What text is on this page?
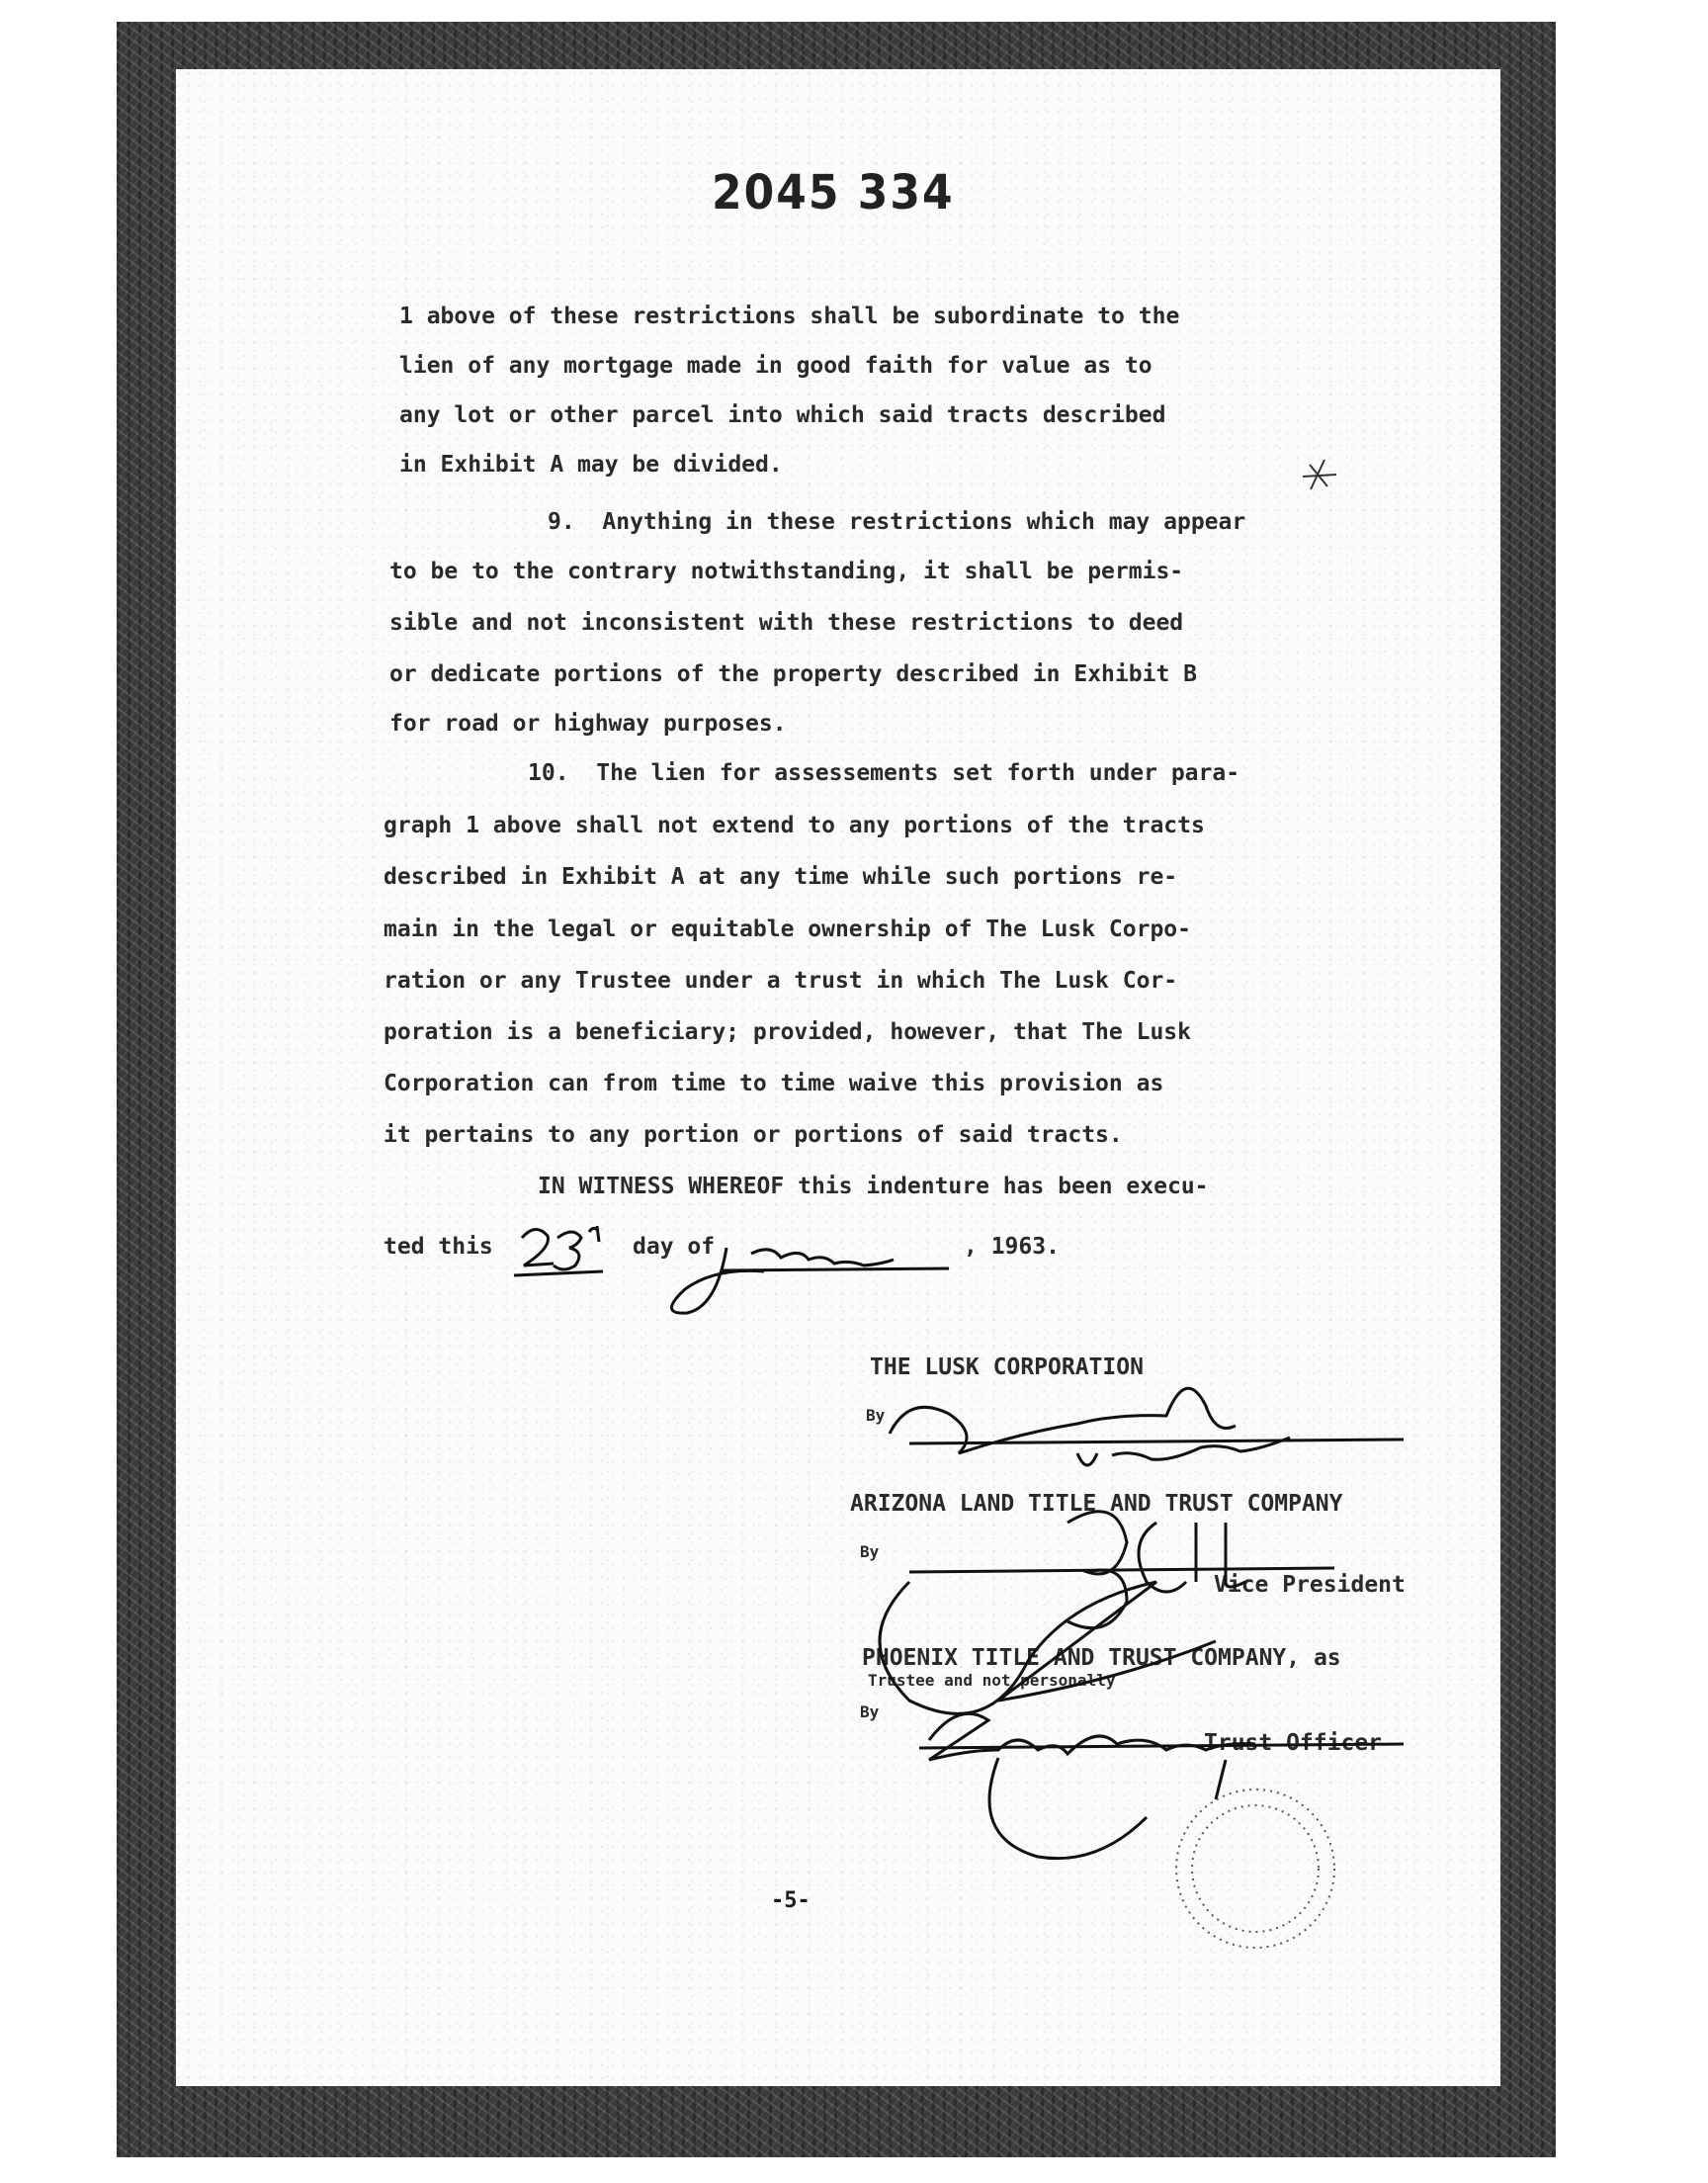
2045 334
1 above of these restrictions shall be subordinate to the
lien of any mortgage made in good faith for value as to
any lot or other parcel into which said tracts described
in Exhibit A may be divided.
9.  Anything in these restrictions which may appear
to be to the contrary notwithstanding, it shall be permis-
sible and not inconsistent with these restrictions to deed
or dedicate portions of the property described in Exhibit B
for road or highway purposes.
10.  The lien for assessements set forth under para-
graph 1 above shall not extend to any portions of the tracts
described in Exhibit A at any time while such portions re-
main in the legal or equitable ownership of The Lusk Corpo-
ration or any Trustee under a trust in which The Lusk Cor-
poration is a beneficiary; provided, however, that The Lusk
Corporation can from time to time waive this provision as
it pertains to any portion or portions of said tracts.
IN WITNESS WHEREOF this indenture has been execu-
ted this	day of	, 1963.
THE LUSK CORPORATION
By
ARIZONA LAND TITLE AND TRUST COMPANY
By
Vice President
PHOENIX TITLE AND TRUST COMPANY, as
Trustee and not personally
By
Trust Officer
-5-
